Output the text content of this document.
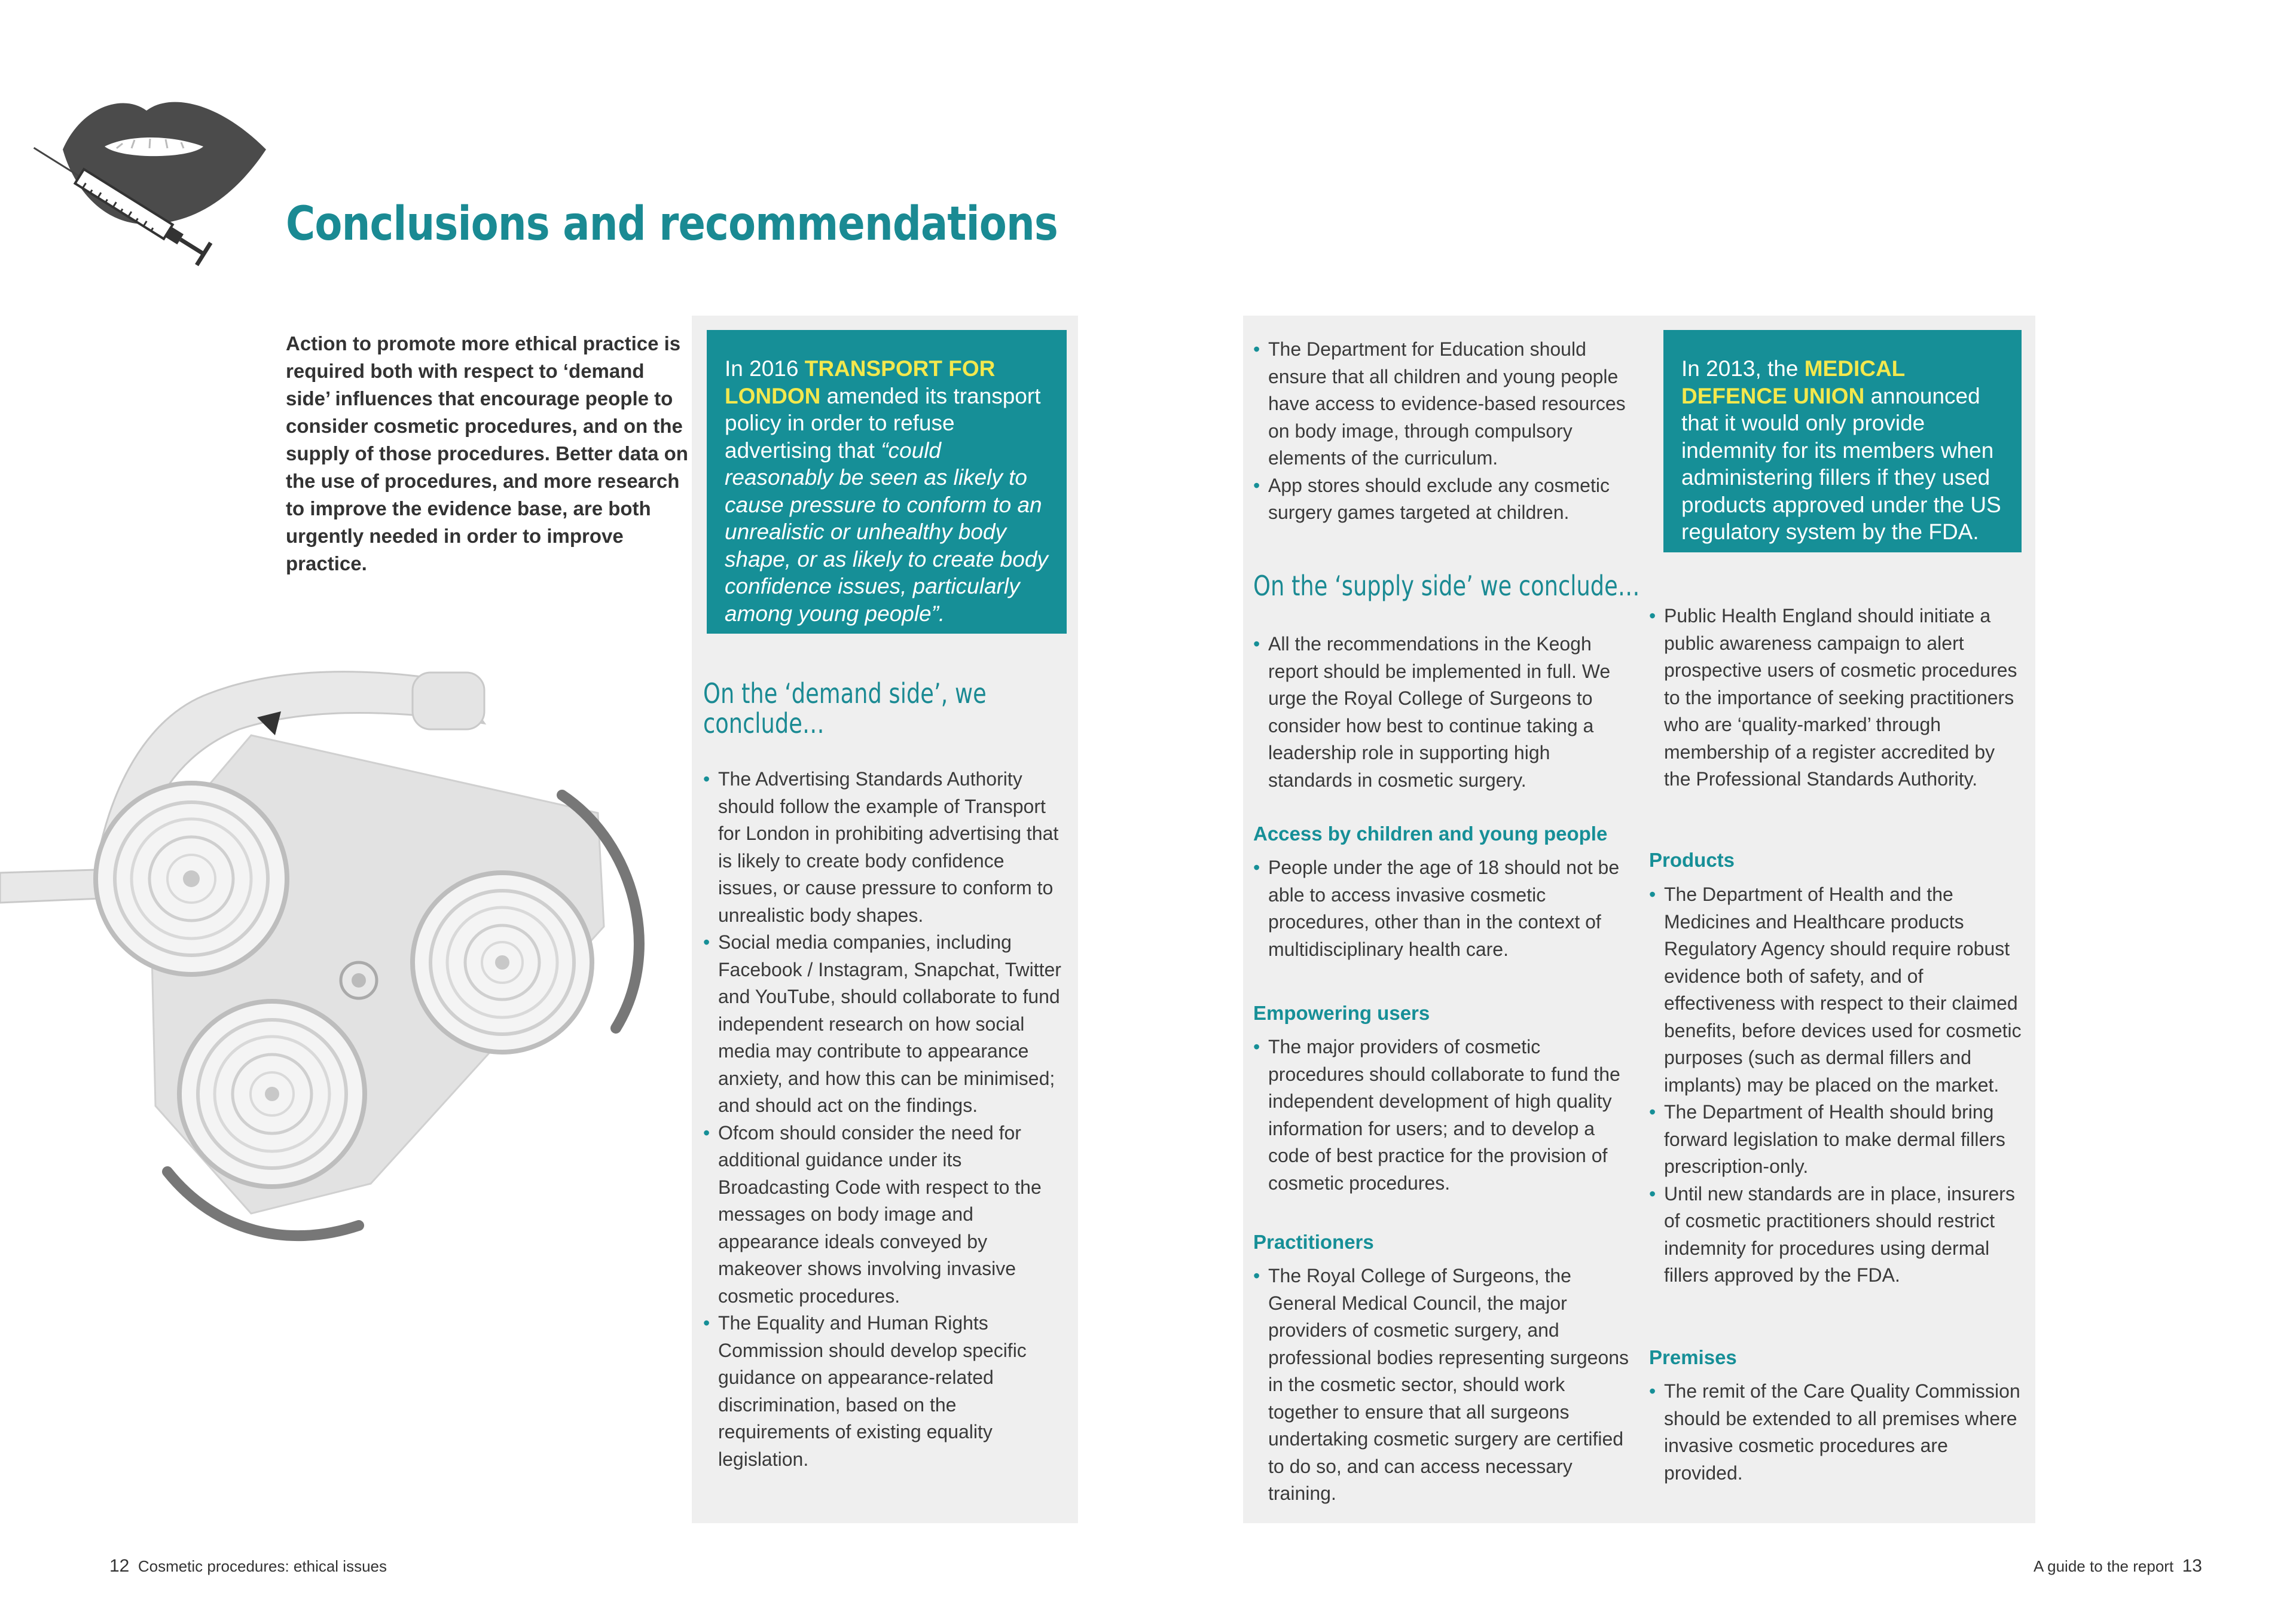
Conclusions and recommendations
Action to promote more ethical practice is required both with respect to ‘demand side’ influences that encourage people to consider cosmetic procedures, and on the supply of those procedures. Better data on the use of procedures, and more research to improve the evidence base, are both urgently needed in order to improve practice.
In 2016 TRANSPORT FOR LONDON amended its transport policy in order to refuse advertising that “could reasonably be seen as likely to cause pressure to conform to an unrealistic or unhealthy body shape, or as likely to create body confidence issues, particularly among young people”.
On the ‘demand side’, we conclude…
• The Advertising Standards Authority should follow the example of Transport for London in prohibiting advertising that is likely to create body confidence issues, or cause pressure to conform to unrealistic body shapes.
• Social media companies, including Facebook / Instagram, Snapchat, Twitter and YouTube, should collaborate to fund independent research on how social media may contribute to appearance anxiety, and how this can be minimised; and should act on the findings.
• Ofcom should consider the need for additional guidance under its Broadcasting Code with respect to the messages on body image and appearance ideals conveyed by makeover shows involving invasive cosmetic procedures.
• The Equality and Human Rights Commission should develop specific guidance on appearance-related discrimination, based on the requirements of existing equality legislation.
• The Department for Education should ensure that all children and young people have access to evidence-based resources on body image, through compulsory elements of the curriculum.
• App stores should exclude any cosmetic surgery games targeted at children.
On the ‘supply side’ we conclude…
• All the recommendations in the Keogh report should be implemented in full. We urge the Royal College of Surgeons to consider how best to continue taking a leadership role in supporting high standards in cosmetic surgery.
Access by children and young people
• People under the age of 18 should not be able to access invasive cosmetic procedures, other than in the context of multidisciplinary health care.
Empowering users
• The major providers of cosmetic procedures should collaborate to fund the independent development of high quality information for users; and to develop a code of best practice for the provision of cosmetic procedures.
Practitioners
• The Royal College of Surgeons, the General Medical Council, the major providers of cosmetic surgery, and professional bodies representing surgeons in the cosmetic sector, should work together to ensure that all surgeons undertaking cosmetic surgery are certified to do so, and can access necessary training.
In 2013, the MEDICAL DEFENCE UNION announced that it would only provide indemnity for its members when administering fillers if they used products approved under the US regulatory system by the FDA.
• Public Health England should initiate a public awareness campaign to alert prospective users of cosmetic procedures to the importance of seeking practitioners who are ‘quality-marked’ through membership of a register accredited by the Professional Standards Authority.
Products
• The Department of Health and the Medicines and Healthcare products Regulatory Agency should require robust evidence both of safety, and of effectiveness with respect to their claimed benefits, before devices used for cosmetic purposes (such as dermal fillers and implants) may be placed on the market.
• The Department of Health should bring forward legislation to make dermal fillers prescription-only.
• Until new standards are in place, insurers of cosmetic practitioners should restrict indemnity for procedures using dermal fillers approved by the FDA.
Premises
• The remit of the Care Quality Commission should be extended to all premises where invasive cosmetic procedures are provided.
12 Cosmetic procedures: ethical issues	A guide to the report 13
